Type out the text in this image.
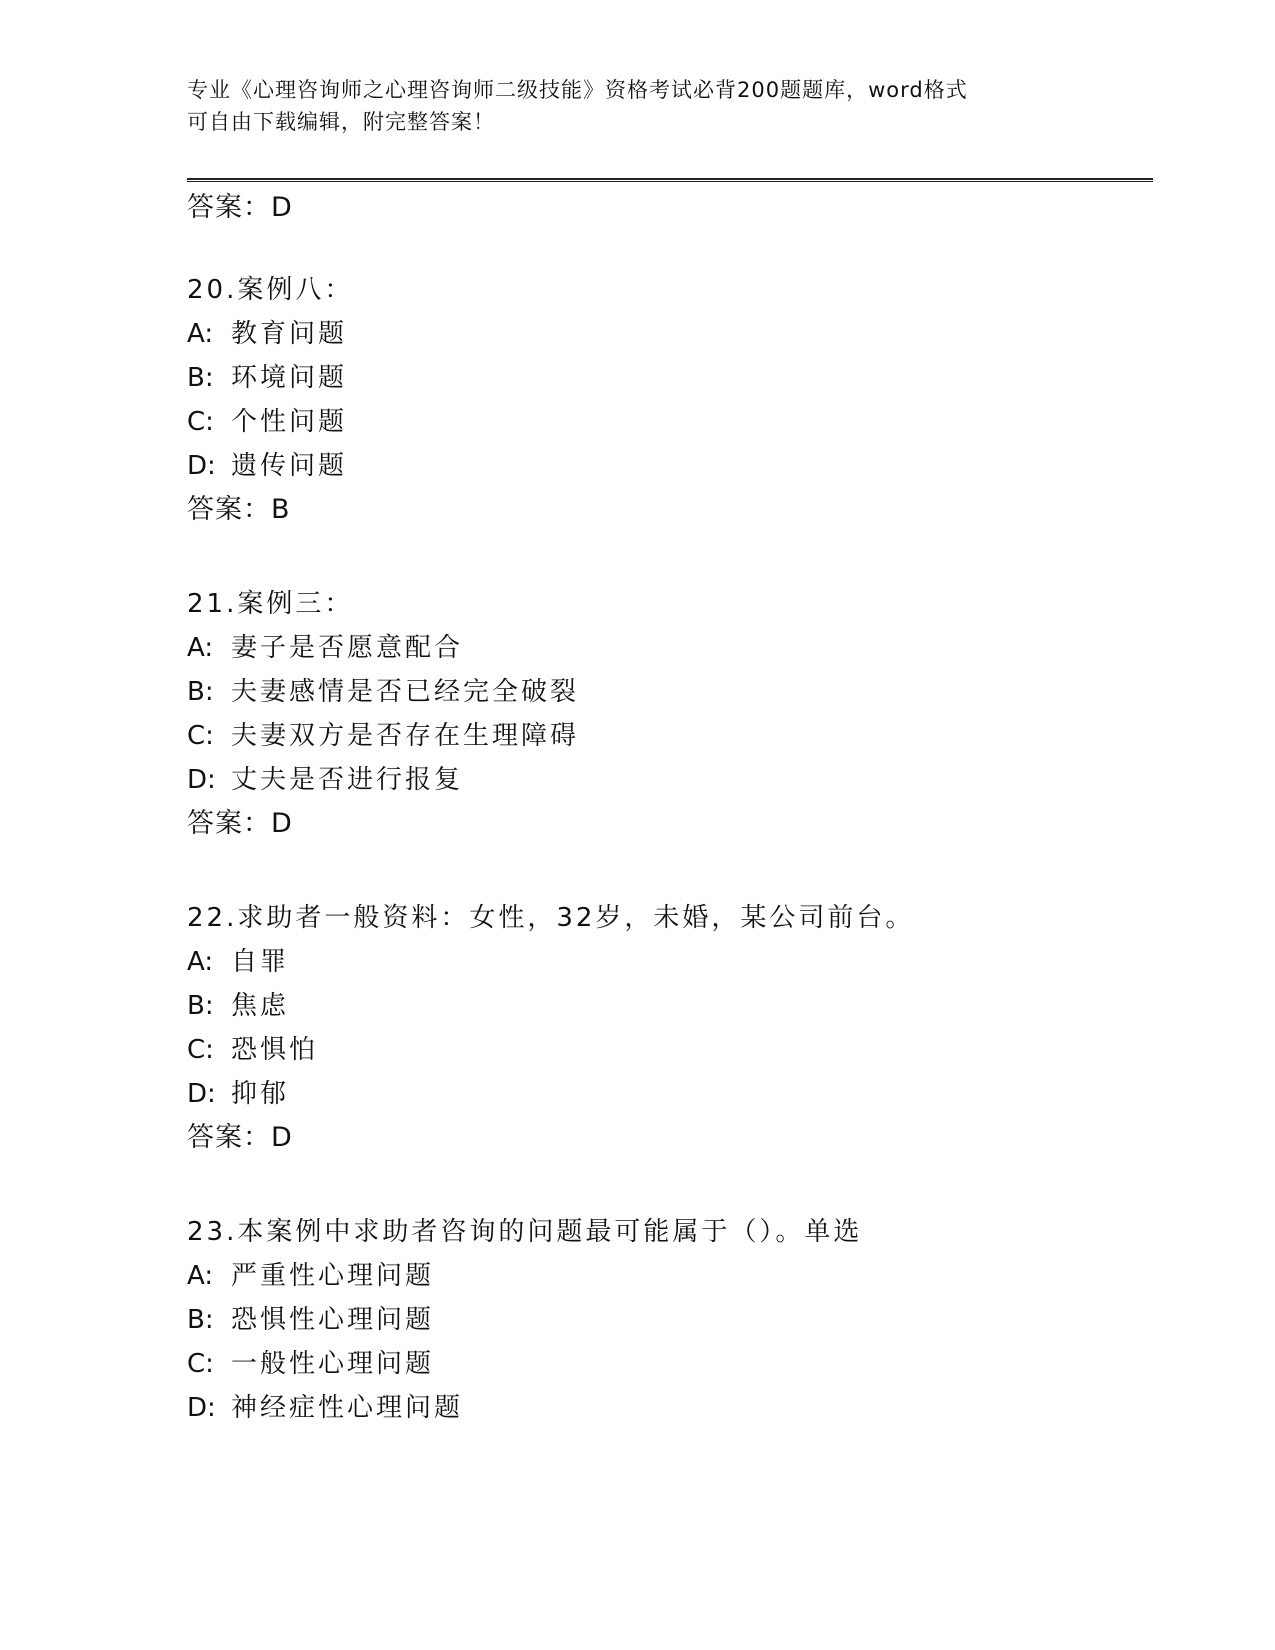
专业《心理咨询师之心理咨询师二级技能》资格考试必背200题题库，word格式
可自由下载编辑，附完整答案！
答案：D
20.案例八：
A: 教育问题
B: 环境问题
C: 个性问题
D: 遗传问题
答案：B
21.案例三：
A: 妻子是否愿意配合
B: 夫妻感情是否已经完全破裂
C: 夫妻双方是否存在生理障碍
D: 丈夫是否进行报复
答案：D
22.求助者一般资料：女性，32岁，未婚，某公司前台。
A: 自罪
B: 焦虑
C: 恐惧怕
D: 抑郁
答案：D
23.本案例中求助者咨询的问题最可能属于（）。单选
A: 严重性心理问题
B: 恐惧性心理问题
C: 一般性心理问题
D: 神经症性心理问题
